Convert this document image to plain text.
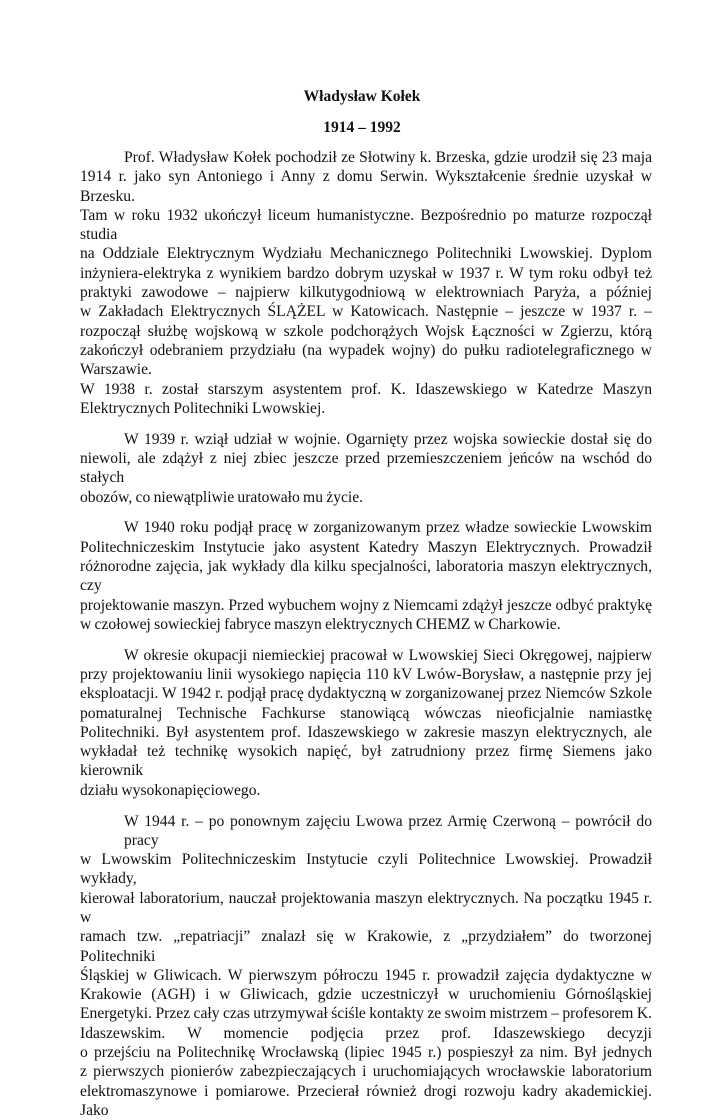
Władysław Kołek
1914 – 1992
Prof. Władysław Kołek pochodził ze Słotwiny k. Brzeska, gdzie urodził się 23 maja
1914 r. jako syn Antoniego i Anny z domu Serwin. Wykształcenie średnie uzyskał w Brzesku.
Tam w roku 1932 ukończył liceum humanistyczne. Bezpośrednio po maturze rozpoczął studia
na Oddziale Elektrycznym Wydziału Mechanicznego Politechniki Lwowskiej. Dyplom
inżyniera-elektryka z wynikiem bardzo dobrym uzyskał w 1937 r. W tym roku odbył też
praktyki zawodowe – najpierw kilkutygodniową w elektrowniach Paryża, a później
w Zakładach Elektrycznych ŚLĄŻEL w Katowicach. Następnie – jeszcze w 1937 r. –
rozpoczął służbę wojskową w szkole podchorążych Wojsk Łączności w Zgierzu, którą
zakończył odebraniem przydziału (na wypadek wojny) do pułku radiotelegraficznego w
Warszawie.
W 1938 r. został starszym asystentem prof. K. Idaszewskiego w Katedrze Maszyn
Elektrycznych Politechniki Lwowskiej.
W 1939 r. wziął udział w wojnie. Ogarnięty przez wojska sowieckie dostał się do
niewoli, ale zdążył z niej zbiec jeszcze przed przemieszczeniem jeńców na wschód do stałych
obozów, co niewątpliwie uratowało mu życie.
W 1940 roku podjął pracę w zorganizowanym przez władze sowieckie Lwowskim
Politechniczeskim Instytucie jako asystent Katedry Maszyn Elektrycznych. Prowadził
różnorodne zajęcia, jak wykłady dla kilku specjalności, laboratoria maszyn elektrycznych, czy
projektowanie maszyn. Przed wybuchem wojny z Niemcami zdążył jeszcze odbyć praktykę
w czołowej sowieckiej fabryce maszyn elektrycznych CHEMZ w Charkowie.
W okresie okupacji niemieckiej pracował w Lwowskiej Sieci Okręgowej, najpierw
przy projektowaniu linii wysokiego napięcia 110 kV Lwów-Borysław, a następnie przy jej
eksploatacji. W 1942 r. podjął pracę dydaktyczną w zorganizowanej przez Niemców Szkole
pomaturalnej Technische Fachkurse stanowiącą wówczas nieoficjalnie namiastkę
Politechniki. Był asystentem prof. Idaszewskiego w zakresie maszyn elektrycznych, ale
wykładał też technikę wysokich napięć, był zatrudniony przez firmę Siemens jako kierownik
działu wysokonapięciowego.
W 1944 r. – po ponownym zajęciu Lwowa przez Armię Czerwoną – powrócił do pracy
w Lwowskim Politechniczeskim Instytucie czyli Politechnice Lwowskiej. Prowadził wykłady,
kierował laboratorium, nauczał projektowania maszyn elektrycznych. Na początku 1945 r. w
ramach tzw. „repatriacji” znalazł się w Krakowie, z „przydziałem” do tworzonej Politechniki
Śląskiej w Gliwicach. W pierwszym półroczu 1945 r. prowadził zajęcia dydaktyczne w
Krakowie (AGH) i w Gliwicach, gdzie uczestniczył w uruchomieniu Górnośląskiej
Energetyki. Przez cały czas utrzymywał ściśle kontakty ze swoim mistrzem – profesorem K.
Idaszewskim. W momencie podjęcia przez prof. Idaszewskiego decyzji
o przejściu na Politechnikę Wrocławską (lipiec 1945 r.) pospieszył za nim. Był jednych
z pierwszych pionierów zabezpieczających i uruchomiających wrocławskie laboratorium
elektromaszynowe i pomiarowe. Przecierał również drogi rozwoju kadry akademickiej. Jako
